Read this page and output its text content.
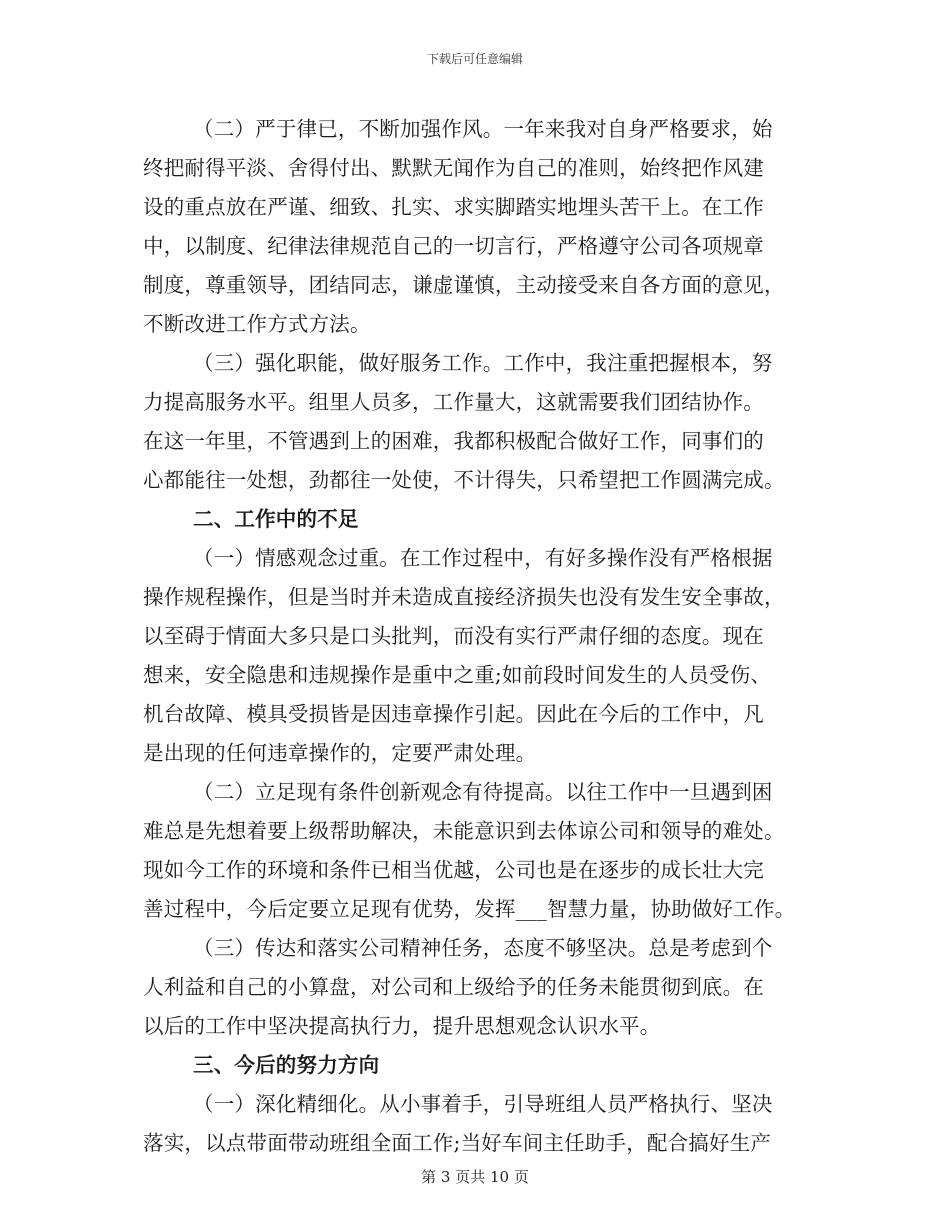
下载后可任意编辑
（二）严于律已，不断加强作风。一年来我对自身严格要求，始
终把耐得平淡、舍得付出、默默无闻作为自己的准则，始终把作风建
设的重点放在严谨、细致、扎实、求实脚踏实地埋头苦干上。在工作
中，以制度、纪律法律规范自己的一切言行，严格遵守公司各项规章
制度，尊重领导，团结同志，谦虚谨慎，主动接受来自各方面的意见，
不断改进工作方式方法。
（三）强化职能，做好服务工作。工作中，我注重把握根本，努
力提高服务水平。组里人员多，工作量大，这就需要我们团结协作。
在这一年里，不管遇到上的困难，我都积极配合做好工作，同事们的
心都能往一处想，劲都往一处使，不计得失，只希望把工作圆满完成。
二、工作中的不足
（一）情感观念过重。在工作过程中，有好多操作没有严格根据
操作规程操作，但是当时并未造成直接经济损失也没有发生安全事故，
以至碍于情面大多只是口头批判，而没有实行严肃仔细的态度。现在
想来，安全隐患和违规操作是重中之重;如前段时间发生的人员受伤、
机台故障、模具受损皆是因违章操作引起。因此在今后的工作中，凡
是出现的任何违章操作的，定要严肃处理。
（二）立足现有条件创新观念有待提高。以往工作中一旦遇到困
难总是先想着要上级帮助解决，未能意识到去体谅公司和领导的难处。
现如今工作的环境和条件已相当优越，公司也是在逐步的成长壮大完
善过程中，今后定要立足现有优势，发挥___智慧力量，协助做好工作。
（三）传达和落实公司精神任务，态度不够坚决。总是考虑到个
人利益和自己的小算盘，对公司和上级给予的任务未能贯彻到底。在
以后的工作中坚决提高执行力，提升思想观念认识水平。
三、今后的努力方向
（一）深化精细化。从小事着手，引导班组人员严格执行、坚决
落实，以点带面带动班组全面工作;当好车间主任助手，配合搞好生产
第 3 页共 10 页
